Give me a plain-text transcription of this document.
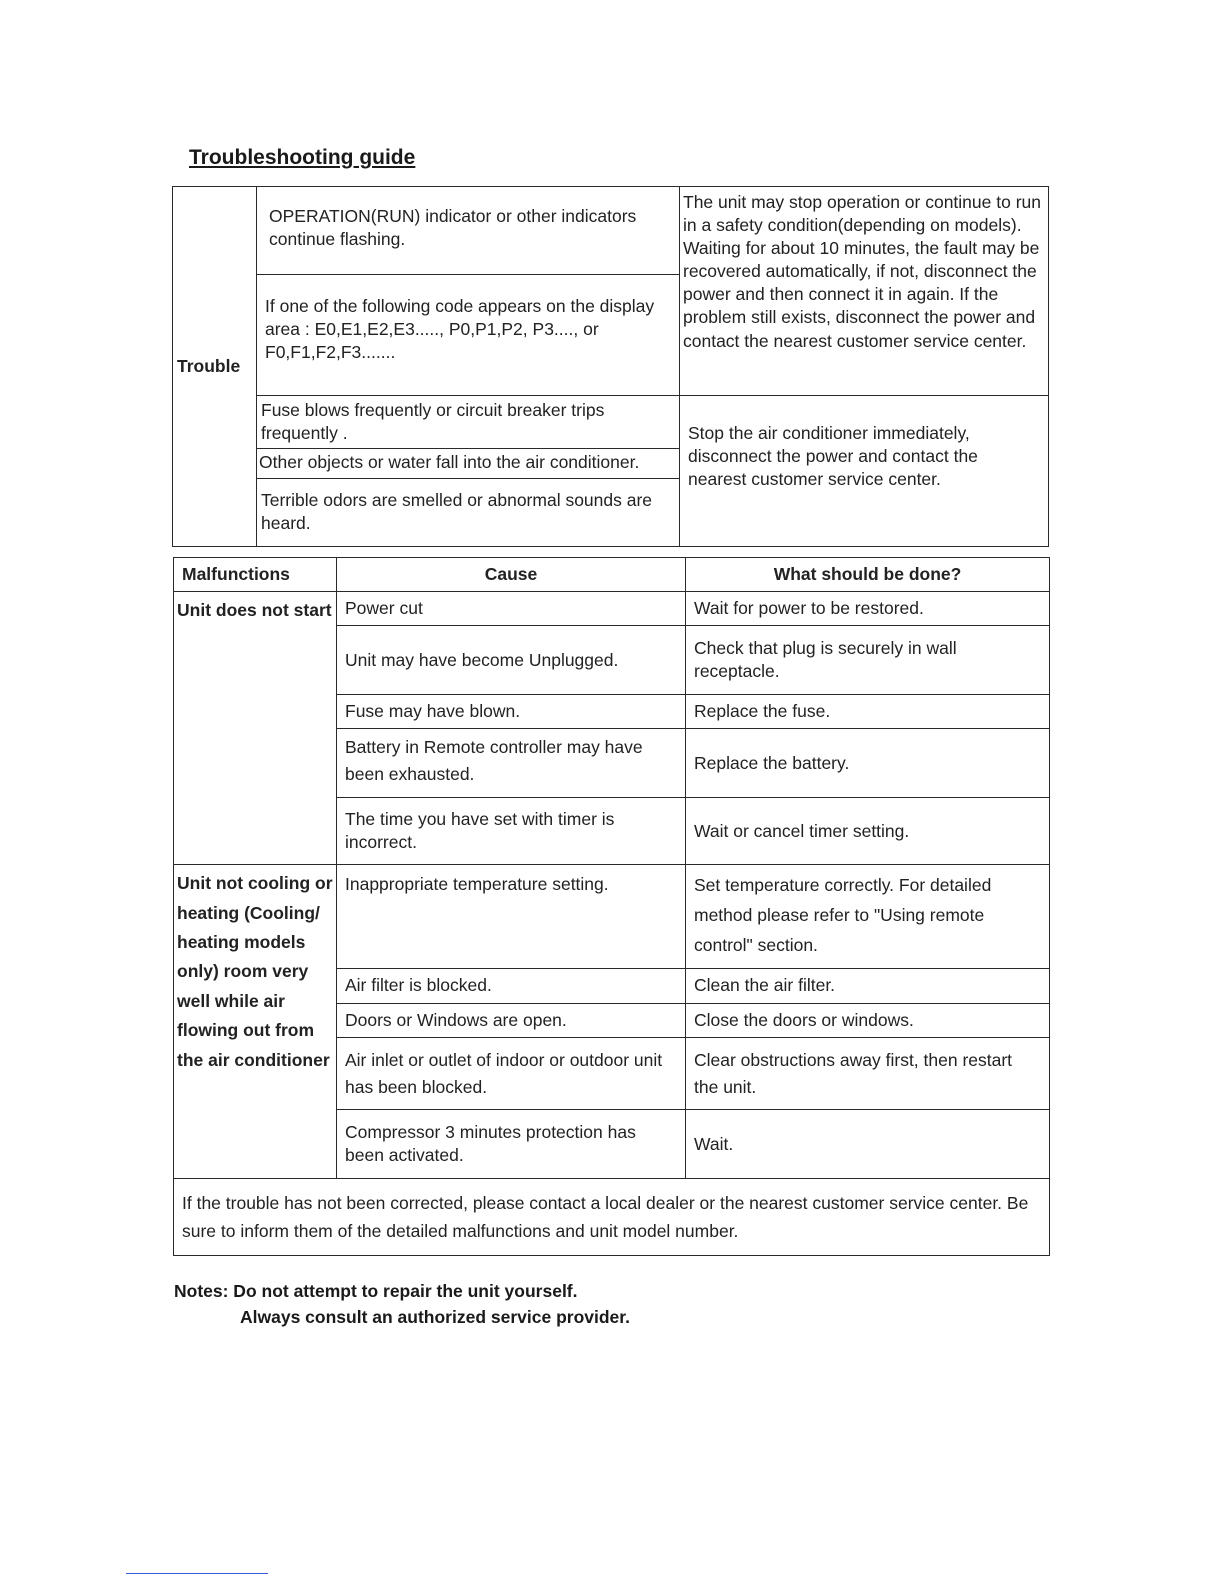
Troubleshooting guide
Trouble	OPERATION(RUN) indicator or other indicators continue flashing.	The unit may stop operation or continue to run in a safety condition(depending on models). Waiting for about 10 minutes, the fault may be recovered automatically, if not, disconnect the power and then connect it in again. If the problem still exists, disconnect the power and contact the nearest customer service center.
	If one of the following code appears on the display area : E0,E1,E2,E3....., P0,P1,P2, P3...., or F0,F1,F2,F3.......	
	Fuse blows frequently or circuit breaker trips frequently .	Stop the air conditioner immediately, disconnect the power and contact the nearest customer service center.
	Other objects or water fall into the air conditioner.	
	Terrible odors are smelled or abnormal sounds are heard.	
Malfunctions	Cause	What should be done?
Unit does not start	Power cut	Wait for power to be restored.
	Unit may have become Unplugged.	Check that plug is securely in wall receptacle.
	Fuse may have blown.	Replace the fuse.
	Battery in Remote controller may have been exhausted.	Replace the battery.
	The time you have set with timer is incorrect.	Wait or cancel timer setting.
Unit not cooling or heating (Cooling/ heating models only) room very well while air flowing out from the air conditioner	Inappropriate temperature setting.	Set temperature correctly. For detailed method please refer to "Using remote control" section.
	Air filter is blocked.	Clean the air filter.
	Doors or Windows are open.	Close the doors or windows.
	Air inlet or outlet of indoor or outdoor unit has been blocked.	Clear obstructions away first, then restart the unit.
	Compressor 3 minutes protection has been activated.	Wait.
If the trouble has not been corrected, please contact a local dealer or the nearest customer service center. Be sure to inform them of the detailed malfunctions and unit model number.		
Notes: Do not attempt to repair the unit yourself.
Always consult an authorized service provider.
